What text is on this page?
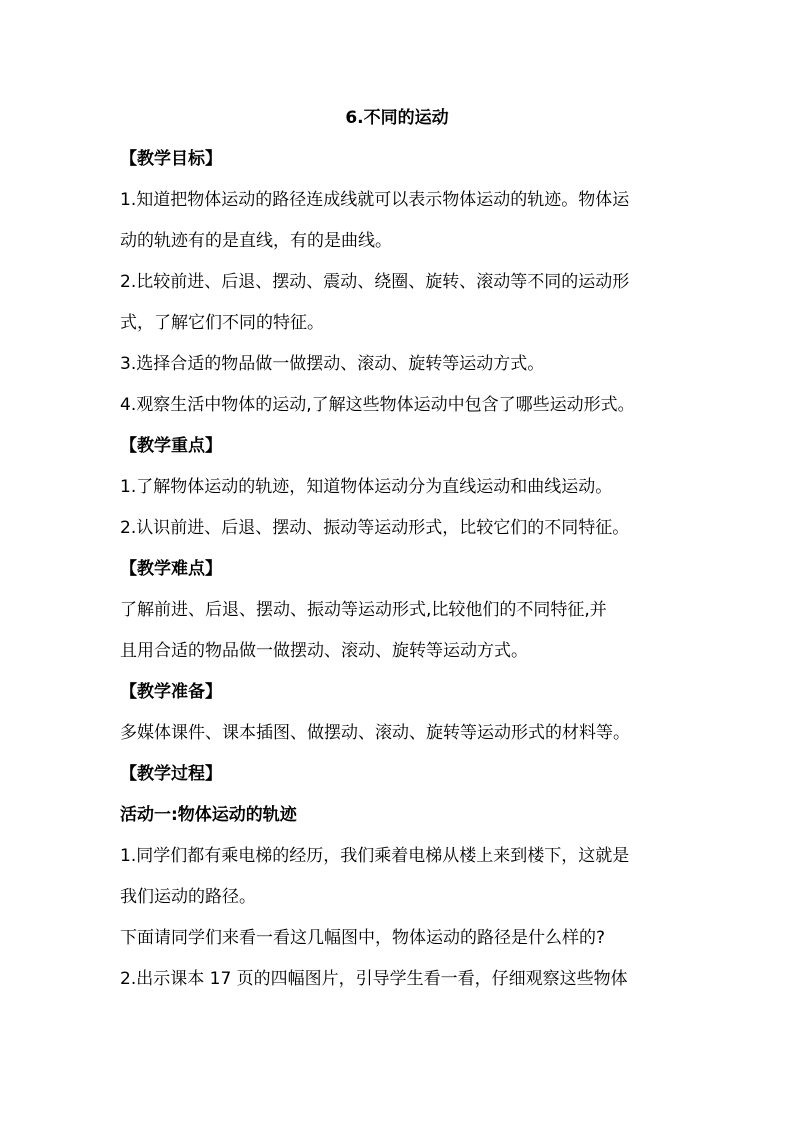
6.不同的运动
【教学目标】
1.知道把物体运动的路径连成线就可以表示物体运动的轨迹。物体运
动的轨迹有的是直线，有的是曲线。
2.比较前进、后退、摆动、震动、绕圈、旋转、滚动等不同的运动形
式，了解它们不同的特征。
3.选择合适的物品做一做摆动、滚动、旋转等运动方式。
4.观察生活中物体的运动,了解这些物体运动中包含了哪些运动形式。
【教学重点】
1.了解物体运动的轨迹，知道物体运动分为直线运动和曲线运动。
2.认识前进、后退、摆动、振动等运动形式，比较它们的不同特征。
【教学难点】
了解前进、后退、摆动、振动等运动形式,比较他们的不同特征,并
且用合适的物品做一做摆动、滚动、旋转等运动方式。
【教学准备】
多媒体课件、课本插图、做摆动、滚动、旋转等运动形式的材料等。
【教学过程】
活动一:物体运动的轨迹
1.同学们都有乘电梯的经历，我们乘着电梯从楼上来到楼下，这就是
我们运动的路径。
下面请同学们来看一看这几幅图中，物体运动的路径是什么样的?
2.出示课本 17 页的四幅图片，引导学生看一看，仔细观察这些物体
